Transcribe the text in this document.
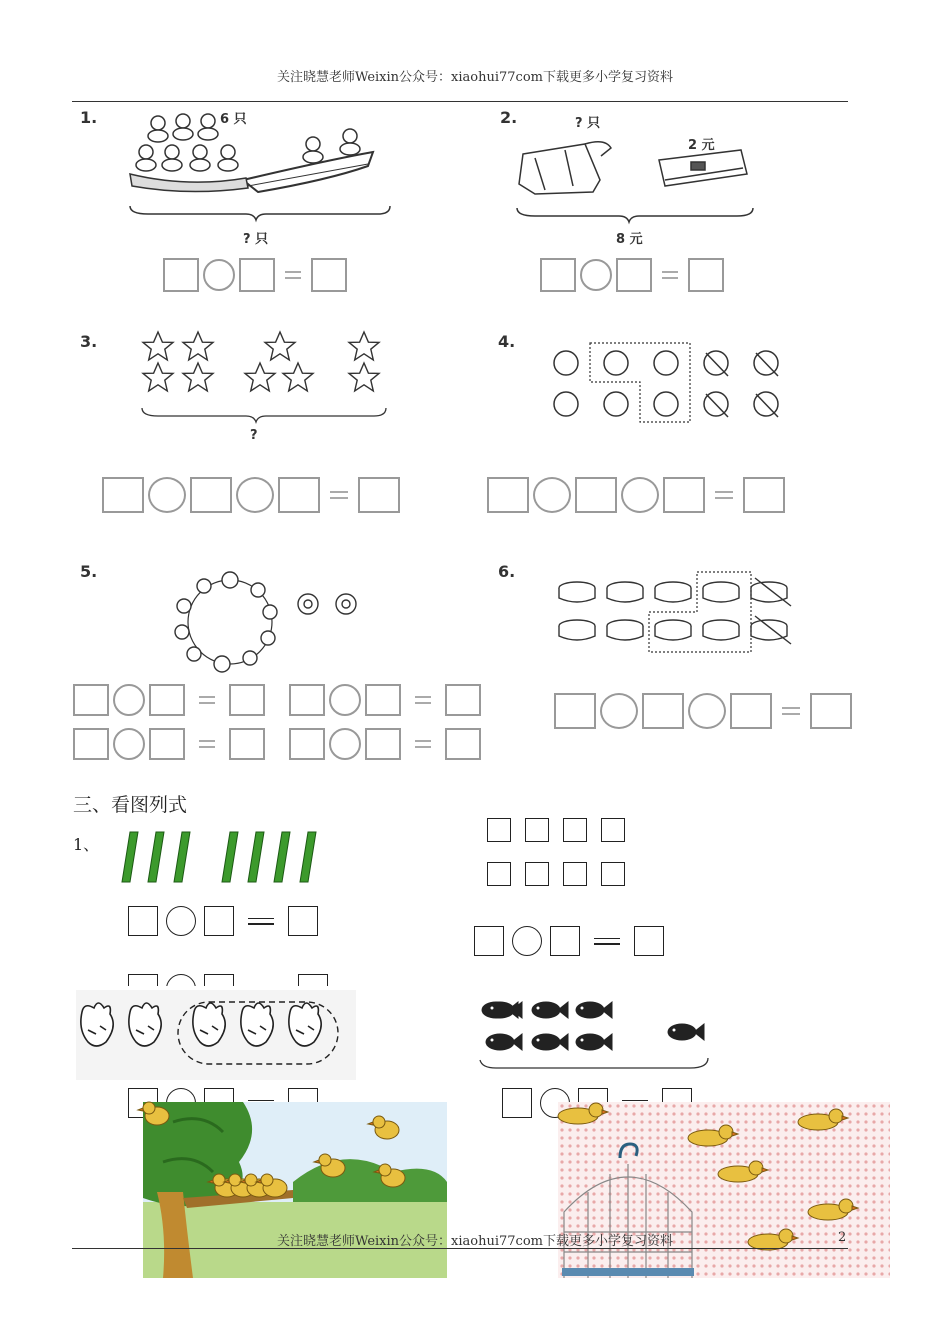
关注晓慧老师Weixin公众号：xiaohui77com下载更多小学复习资料
1.	6 只
? 只
2.	? 只
2 元
8 元
3.
?
4.
5.	6.
三、看图列式
1、
关注晓慧老师Weixin公众号：xiaohui77com下载更多小学复习资料	2
